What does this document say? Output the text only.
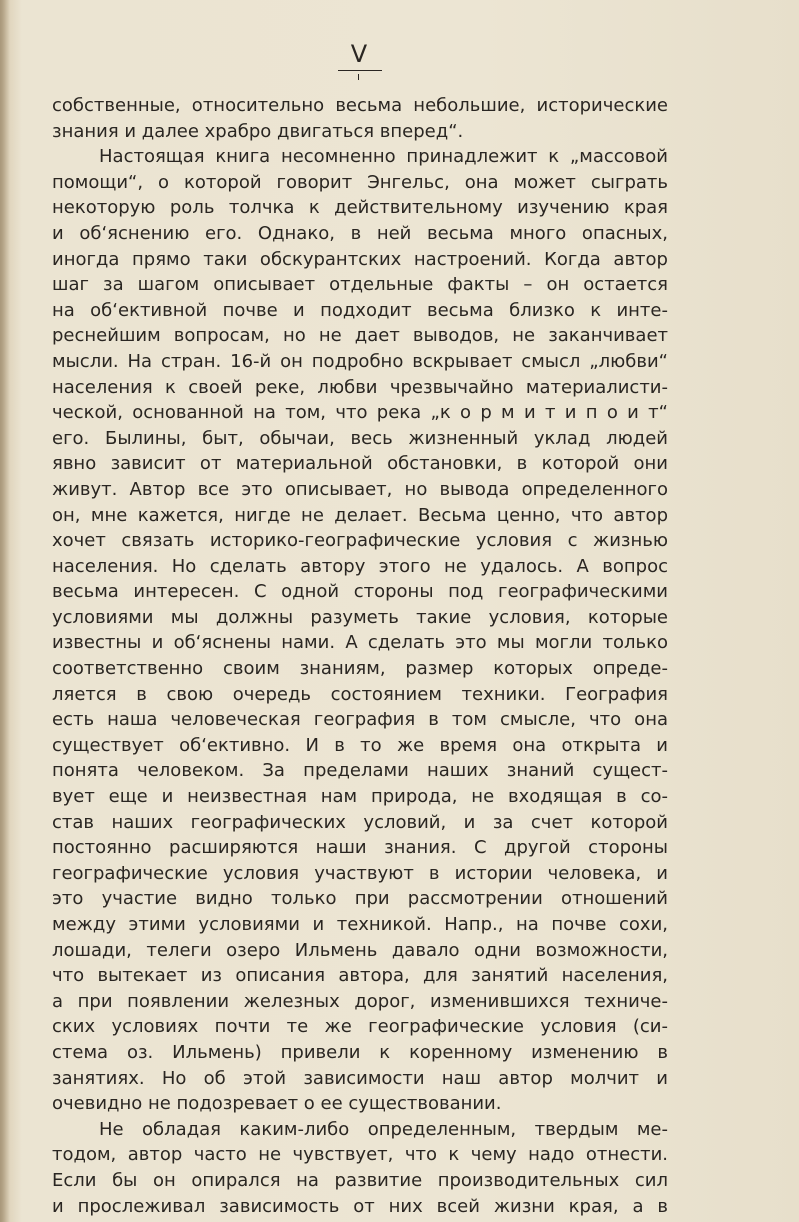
V
собственные, относительно весьма небольшие, исторические
знания и далее храбро двигаться вперед“.
Настоящая книга несомненно принадлежит к „массовой
помощи“, о которой говорит Энгельс, она может сыграть
некоторую роль толчка к действительному изучению края
и об‘яснению его. Однако, в ней весьма много опасных,
иногда прямо таки обскурантских настроений. Когда автор
шаг за шагом описывает отдельные факты – он остается
на об‘ективной почве и подходит весьма близко к инте-
реснейшим вопросам, но не дает выводов, не заканчивает
мысли. На стран. 16-й он подробно вскрывает смысл „любви“
населения к своей реке, любви чрезвычайно материалисти-
ческой, основанной на том, что река „к о р м и т и п о и т“
его. Былины, быт, обычаи, весь жизненный уклад людей
явно зависит от материальной обстановки, в которой они
живут. Автор все это описывает, но вывода определенного
он, мне кажется, нигде не делает. Весьма ценно, что автор
хочет связать историко-географические условия с жизнью
населения. Но сделать автору этого не удалось. А вопрос
весьма интересен. С одной стороны под географическими
условиями мы должны разуметь такие условия, которые
известны и об‘яснены нами. А сделать это мы могли только
соответственно своим знаниям, размер которых опреде-
ляется в свою очередь состоянием техники. География
есть наша человеческая география в том смысле, что она
существует об‘ективно. И в то же время она открыта и
понята человеком. За пределами наших знаний сущест-
вует еще и неизвестная нам природа, не входящая в со-
став наших географических условий, и за счет которой
постоянно расширяются наши знания. С другой стороны
географические условия участвуют в истории человека, и
это участие видно только при рассмотрении отношений
между этими условиями и техникой. Напр., на почве сохи,
лошади, телеги озеро Ильмень давало одни возможности,
что вытекает из описания автора, для занятий населения,
а при появлении железных дорог, изменившихся техниче-
ских условиях почти те же географические условия (си-
стема оз. Ильмень) привели к коренному изменению в
занятиях. Но об этой зависимости наш автор молчит и
очевидно не подозревает о ее существовании.
Не обладая каким-либо определенным, твердым ме-
тодом, автор часто не чувствует, что к чему надо отнести.
Если бы он опирался на развитие производительных сил
и прослеживал зависимость от них всей жизни края, а в
